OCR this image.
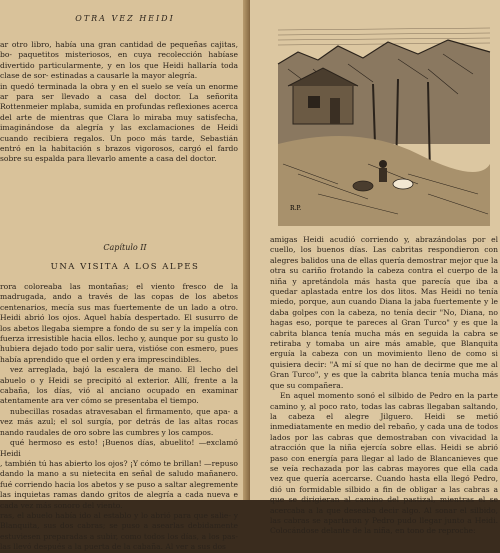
OTRA VEZ HEIDI

ar otro libro, había una gran cantidad de pequeñas cajitas, bo- paquetitos misteriosos, en cuya recolección habíase divertido particularmente, y en los que Heidi hallaría toda clase de sor- estinadas a causarle la mayor alegría.

in quedó terminada la obra y en el suelo se veía un enorme ar para ser llevado a casa del doctor. La señorita Rottenmeier mplaba, sumida en profundas reflexiones acerca del arte de mientras que Clara lo miraba muy satisfecha, imaginándose da alegría y las exclamaciones de Heidi cuando recibiera regalos. Un poco más tarde, Sebastián entró en la habitación s brazos vigorosos, cargó el fardo sobre su espalda para llevarlo amente a casa del doctor.

Capítulo II
UNA VISITA A LOS ALPES

rora coloreaba las montañas; el viento fresco de la madrugada, ando a través de las copas de los abetos centenarios, mecía sus mas fuertemente de un lado a otro. Heidi abrió los ojos. Aquel había despertado. El susurro de los abetos llegaba siempre a fondo de su ser y la impelía con fuerza irresistible hacia ellos. lecho y, aunque por su gusto lo hubiera dejado todo por salir uera, vistióse con esmero, pues había aprendido que el orden y era imprescindibles.

vez arreglada, bajó la escalera de mano. El lecho del abuelo o y Heidi se precipitó al exterior. Allí, frente a la cabaña, los días, vió al anciano ocupado en examinar atentamente ara ver cómo se presentaba el tiempo.

nubecillas rosadas atravesaban el firmamento, que apa- a vez más azul; el sol surgía, por detrás de las altas rocas nando raudales de oro sobre las cumbres y los campos.

qué hermoso es esto! ¡Buenos días, abuelito! —exclamó Heidi

, también tú has abierto los ojos? ¡Y cómo te brillan! —repuso dando la mano a su nietecita en señal de saludo mañanero. fué corriendo hacia los abetos y se puso a saltar alegremente las inquietas ramas dando gritos de alegría a cada nueva e cada vez más sonoro del viento.

ras, el abuelo había ido al establo y lo abrió para que salie- y Blanquita, sus dos cabras; se puso a asearlas debidamente estuviesen preparadas a subir, como todos los días, a los pas- las llevó después a la puerta de la cabaña. Al ver a sus dos

R.P.

amigas Heidi acudió corriendo y, abrazándolas por el cuello, los buenos días. Las cabritas respondieron con alegres balidos una de ellas quería demostrar mejor que la otra su cariño frotando la cabeza contra el cuerpo de la niña y apretándola más hasta que parecía que iba a quedar aplastada entre los dos litos. Mas Heidi no tenía miedo, porque, aun cuando Diana la jaba fuertemente y le daba golpes con la cabeza, no tenía decir "No, Diana, no hagas eso, porque te pareces al Gran Turco" y es que la cabrita blanca tenía mucha más en seguida la cabra se retiraba y tomaba un aire más amable, que Blanquita erguía la cabeza con un movimiento lleno de como si quisiera decir: "A mí sí que no han de decirme que me al Gran Turco", y es que la cabrita blanca tenía mucha más que su compañera.

En aquel momento sonó el silbido de Pedro en la parte camino y, al poco rato, todas las cabras llegaban saltando, la cabeza el alegre Jilguero. Heidi se metió inmediatamente en medio del rebaño, y cada una de todos lados por las cabras que demostraban con vivacidad la atracción que la niña ejercía sobre ellas. Heidi se abrió paso con energía para llegar al lado de Blancanieves que se veía rechazada por las cabras mayores que ella cada vez que quería acercarse. Cuando hasta ella llegó Pedro, dió un formidable silbido a fin de obligar a las cabras a que se dirigieran al camino del pastizal, mientras el se acercaba a la que deseaba decir algo. Al sonar el silbido, las cabras se apartaron y Pedro pudo llegar junto a Heidi. Colocándose delante de la niña, en tono de reproche:
